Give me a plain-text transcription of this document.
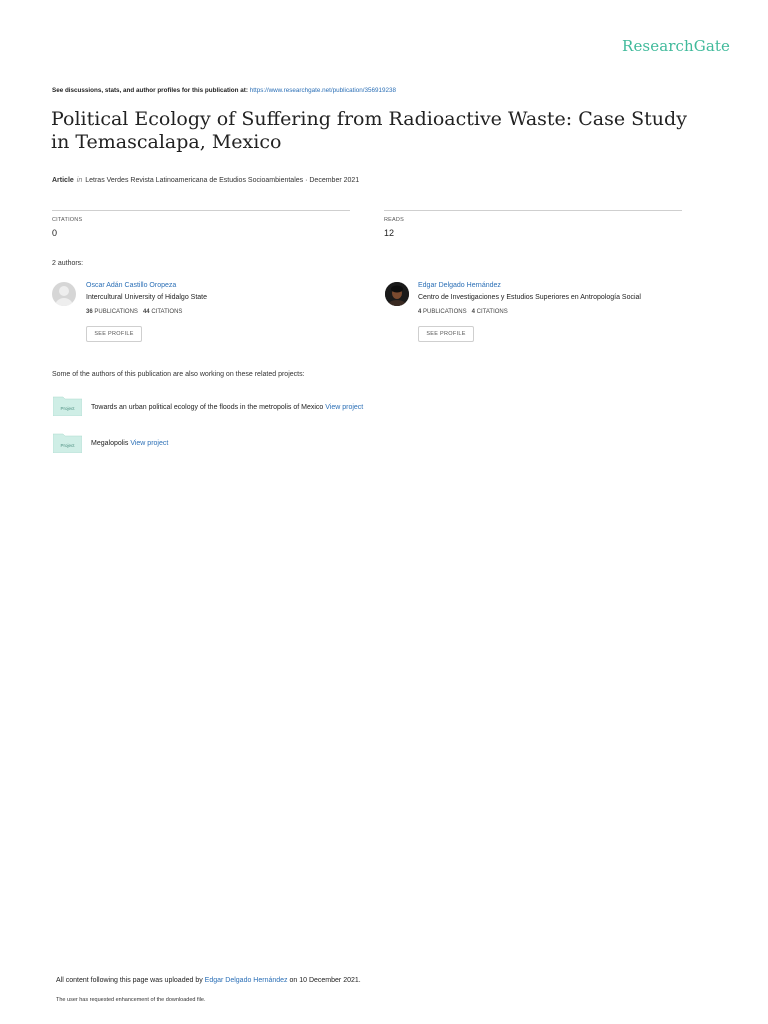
ResearchGate
See discussions, stats, and author profiles for this publication at: https://www.researchgate.net/publication/356919238
Political Ecology of Suffering from Radioactive Waste: Case Study in Temascalapa, Mexico
Article in Letras Verdes Revista Latinoamericana de Estudios Socioambientales · December 2021
CITATIONS
0
READS
12
2 authors:
Oscar Adán Castillo Oropeza
Intercultural University of Hidalgo State
36 PUBLICATIONS 44 CITATIONS
SEE PROFILE
Edgar Delgado Hernández
Centro de Investigaciones y Estudios Superiores en Antropología Social
4 PUBLICATIONS 4 CITATIONS
SEE PROFILE
Some of the authors of this publication are also working on these related projects:
Project Towards an urban political ecology of the floods in the metropolis of Mexico View project
Project Megalopolis View project
All content following this page was uploaded by Edgar Delgado Hernández on 10 December 2021.
The user has requested enhancement of the downloaded file.
